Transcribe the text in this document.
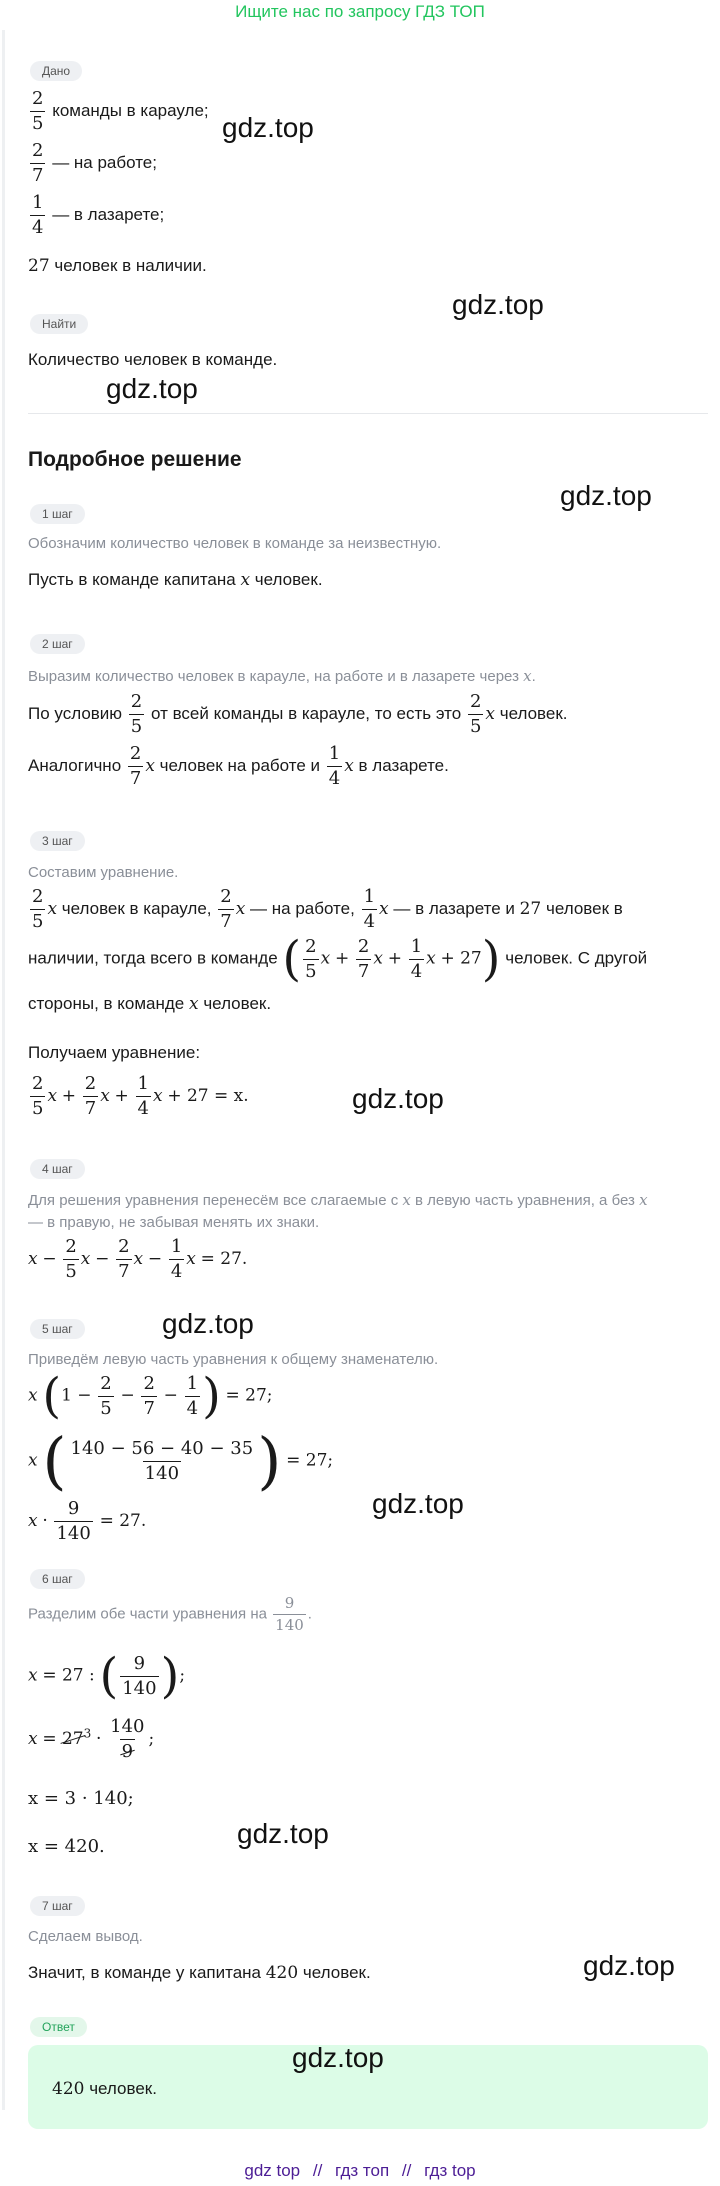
Ищите нас по запросу ГДЗ ТОП
Дано
$\frac{2}{5}$ команды в карауле;
$\frac{2}{7}$ — на работе;
$\frac{1}{4}$ — в лазарете;
27 человек в наличии.
Найти
Количество человек в команде.
Подробное решение
1 шаг
Обозначим количество человек в команде за неизвестную.
Пусть в команде капитана x человек.
2 шаг
Выразим количество человек в карауле, на работе и в лазарете через x.
По условию $\frac{2}{5}$ от всей команды в карауле, то есть это $\frac{2}{5}$ x человек.
Аналогично $\frac{2}{7}$ x человек на работе и $\frac{1}{4}$ x в лазарете.
3 шаг
Составим уравнение.
$\frac{2}{5}$ x человек в карауле, $\frac{2}{7}$ x — на работе, $\frac{1}{4}$ x — в лазарете и 27 человек в
наличии, тогда всего в команде ( $\frac{2}{5}$ $x + \frac{2}{7}$ $x + \frac{1}{4}$ x + 27) человек. С другой
стороны, в команде x человек.
Получаем уравнение:
$\frac{2}{5}$ $x + \frac{2}{7}$ $x + \frac{1}{4}$ x + 27 = x.
4 шаг
Для решения уравнения перенесём все слагаемые с x в левую часть уравнения, а без x
— в правую, не забывая менять их знаки.
$x - \frac{2}{5}$ $x - \frac{2}{7}$ $x - \frac{1}{4}$ x = 27.
5 шаг
Приведём левую часть уравнения к общему знаменателю.
x ($1 - \frac{2}{5} - \frac{2}{7} - \frac{1}{4}$ ) = 27;
x ( $\frac{140 - 56 - 40 - 35}{140}$ ) = 27;
$x \cdot \frac{9}{140} = 27$.
6 шаг
Разделим обе части уравнения на $\frac{9}{140}$ .
x = 27 : ( $\frac{9}{140}$ );
$x = 27^3 \cdot \frac{140}{9}$ ;
x = 3 · 140;
x = 420.
7 шаг
Сделаем вывод.
Значит, в команде у капитана 420 человек.
Ответ
420 человек.
gdz.top
gdz.top
gdz.top
gdz.top
gdz.top
gdz.top
gdz.top
gdz.top
gdz.top
gdz.top
gdz top // гдз топ // гдз top
